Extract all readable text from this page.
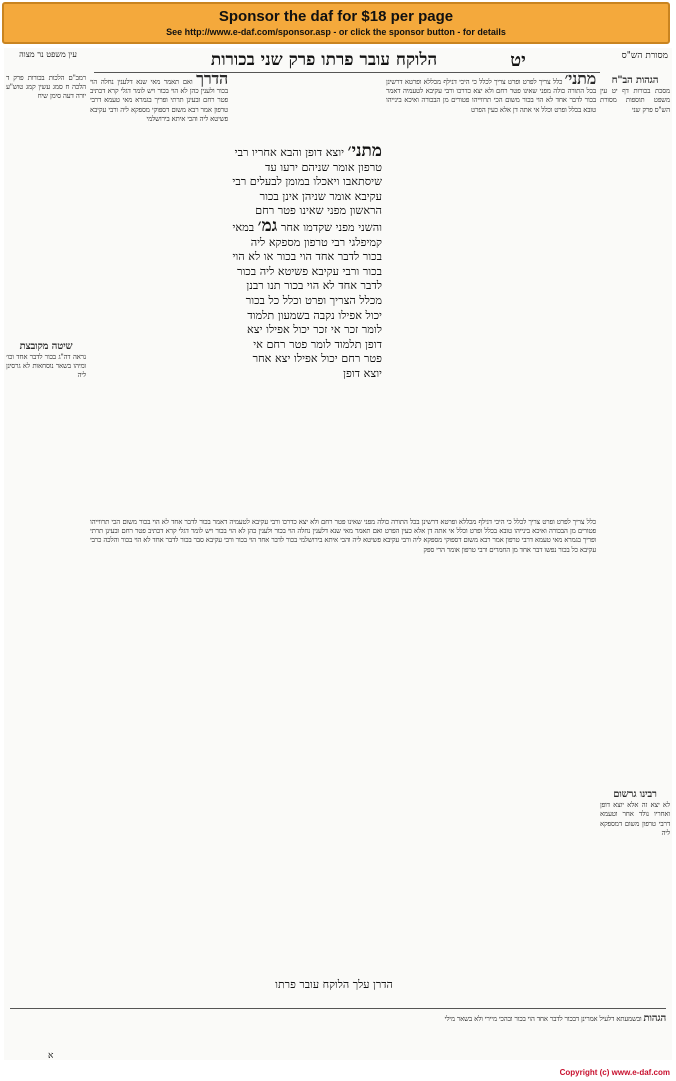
Sponsor the daf for $18 per page
See http://www.e-daf.com/sponsor.asp - or click the sponsor button - for details
הלוקח עובר פרתו פרק שני בכורות	יט	מסורת הש"ס
עין משפט נר מצוה
הגהות הב"ח
מסכת בכורות דף יט עין משפט תוספות מסורת הש"ס פרק שני
רמב"ם הלכות בכורות פרק ד הלכה ח סמג עשין קמג טוש"ע יורה דעה סימן שיח
שיטה מקובצת
נראה דה"ג בכור לדבר אחד וכו׳ ומיהו בשאר נוסחאות לא גרסינן ליה
רבינו גרשום
לא יצא זה אלא יוצא דופן ואחריו נולד אחר וטעמא דרבי טרפון משום דמספקא ליה
מתני׳ כלל צריך לפרט ופרט צריך לכלל כי היכי דנילף מכללא ופרטא דרשינן בכל התורה כולה מפני שאינו פטר רחם ולא יצא כדרכו ורבי עקיבא לטעמיה דאמר בכור לדבר אחד לא הוי בכור משום הכי תרווייהו פטורים מן הבכורה ואיכא בינייהו טובא בכלל ופרט וכלל אי אתה דן אלא כעין הפרט
הדרך ואם תאמר מאי שנא דלענין נחלה הוי בכור ולענין כהן לא הוי בכור ויש לומר דגלי קרא דכתיב פטר רחם ובעינן תרתי ופריך בגמרא מאי טעמא דרבי טרפון אמר רבא משום דספוקי מספקא ליה ורבי עקיבא פשיטא ליה והכי איתא בירושלמי
מתני׳ יוצא דופן והבא אחריו רבי טרפון אומר שניהם ירעו עד שיסתאבו ויאכלו במומן לבעלים רבי עקיבא אומר שניהן אינן בכור הראשון מפני שאינו פטר רחם והשני מפני שקדמו אחר גמ׳ במאי קמיפלגי רבי טרפון מספקא ליה בכור לדבר אחד הוי בכור או לא הוי בכור ורבי עקיבא פשיטא ליה בכור לדבר אחד לא הוי בכור תנו רבנן מכלל הצריך ופרט וכלל כל בכור יכול אפילו נקבה בשמעון תלמוד לומר זכר אי זכר יכול אפילו יצא דופן תלמוד לומר פטר רחם אי פטר רחם יכול אפילו יצא אחר יוצא דופן
כלל צריך לפרט ופרט צריך לכלל כי היכי דנילף מכללא ופרטא דרשינן בכל התורה כולה מפני שאינו פטר רחם ולא יצא כדרכו ורבי עקיבא לטעמיה דאמר בכור לדבר אחד לא הוי בכור משום הכי תרווייהו פטורים מן הבכורה ואיכא בינייהו טובא בכלל ופרט וכלל אי אתה דן אלא כעין הפרט ואם תאמר מאי שנא דלענין נחלה הוי בכור ולענין כהן לא הוי בכור ויש לומר דגלי קרא דכתיב פטר רחם ובעינן תרתי ופריך בגמרא מאי טעמא דרבי טרפון אמר רבא משום דספוקי מספקא ליה ורבי עקיבא פשיטא ליה והכי איתא בירושלמי בכור לדבר אחד הוי בכור ורבי עקיבא סבר בכור לדבר אחד לא הוי בכור והלכה כרבי עקיבא כל בכור נפשו דבר אחד מן החמרים ורבי טרפון אומר הרי ספק
הדרן עלך הלוקח עובר פרתו
הגהות ובשמעתא דלעיל אמרינן דבכור לדבר אחד הוי בכור ובהכי מיירי ולא בשאר מילי
א
Copyright (c) www.e-daf.com
